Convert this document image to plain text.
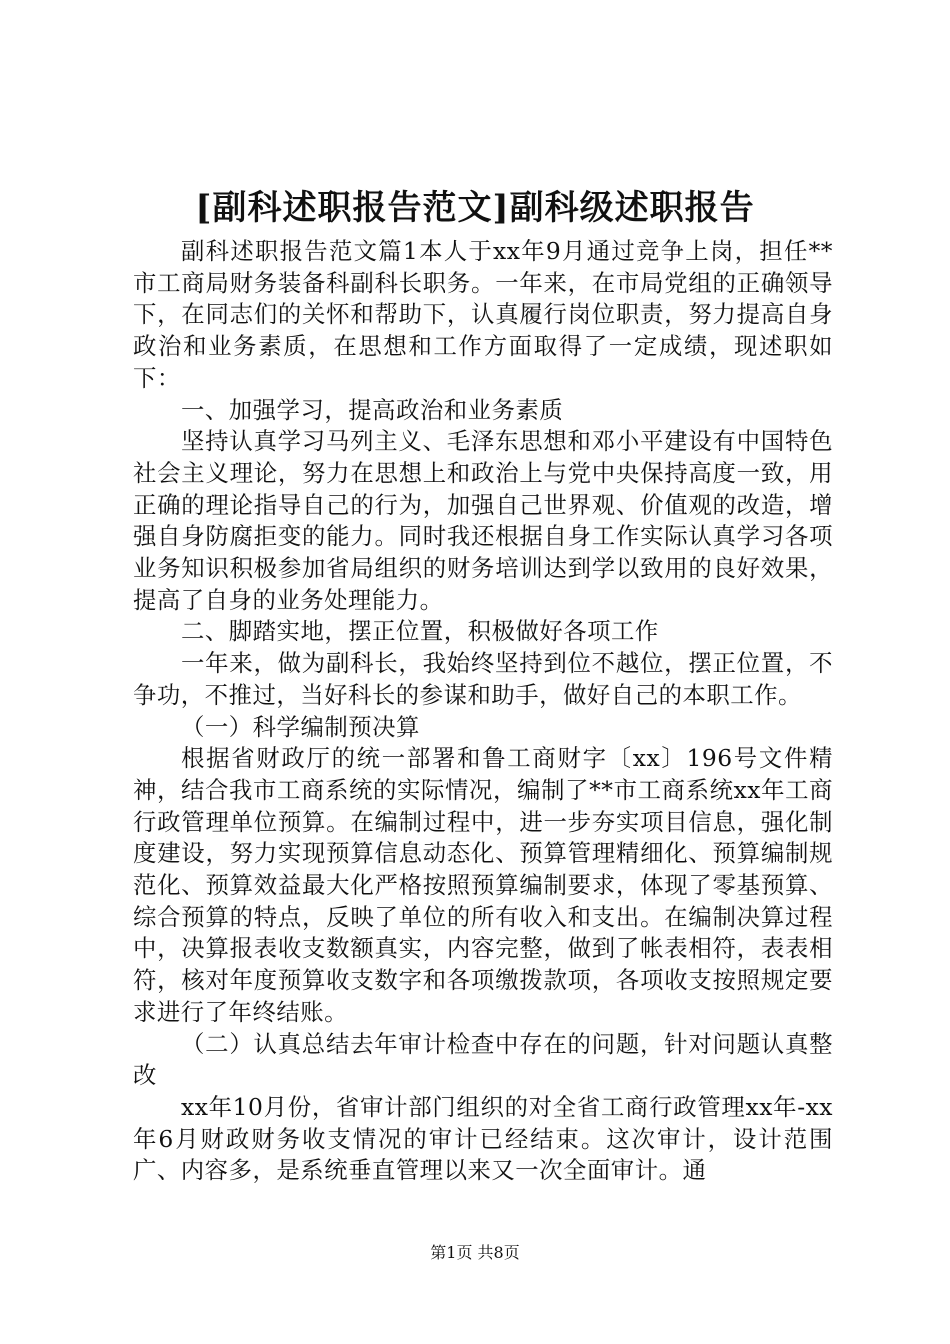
[副科述职报告范文]副科级述职报告

副科述职报告范文篇1本人于xx年9月通过竞争上岗，担任**市工商局财务装备科副科长职务。一年来，在市局党组的正确领导下，在同志们的关怀和帮助下，认真履行岗位职责，努力提高自身政治和业务素质，在思想和工作方面取得了一定成绩，现述职如下：

一、加强学习，提高政治和业务素质

坚持认真学习马列主义、毛泽东思想和邓小平建设有中国特色社会主义理论，努力在思想上和政治上与党中央保持高度一致，用正确的理论指导自己的行为，加强自己世界观、价值观的改造，增强自身防腐拒变的能力。同时我还根据自身工作实际认真学习各项业务知识积极参加省局组织的财务培训达到学以致用的良好效果，提高了自身的业务处理能力。

二、脚踏实地，摆正位置，积极做好各项工作

一年来，做为副科长，我始终坚持到位不越位，摆正位置，不争功，不推过，当好科长的参谋和助手，做好自己的本职工作。

（一）科学编制预决算

根据省财政厅的统一部署和鲁工商财字〔xx〕196号文件精神，结合我市工商系统的实际情况，编制了**市工商系统xx年工商行政管理单位预算。在编制过程中，进一步夯实项目信息，强化制度建设，努力实现预算信息动态化、预算管理精细化、预算编制规范化、预算效益最大化严格按照预算编制要求，体现了零基预算、综合预算的特点，反映了单位的所有收入和支出。在编制决算过程中，决算报表收支数额真实，内容完整，做到了帐表相符，表表相符，核对年度预算收支数字和各项缴拨款项，各项收支按照规定要求进行了年终结账。

（二）认真总结去年审计检查中存在的问题，针对问题认真整改

xx年10月份，省审计部门组织的对全省工商行政管理xx年-xx年6月财政财务收支情况的审计已经结束。这次审计，设计范围广、内容多，是系统垂直管理以来又一次全面审计。通

第1页 共8页
